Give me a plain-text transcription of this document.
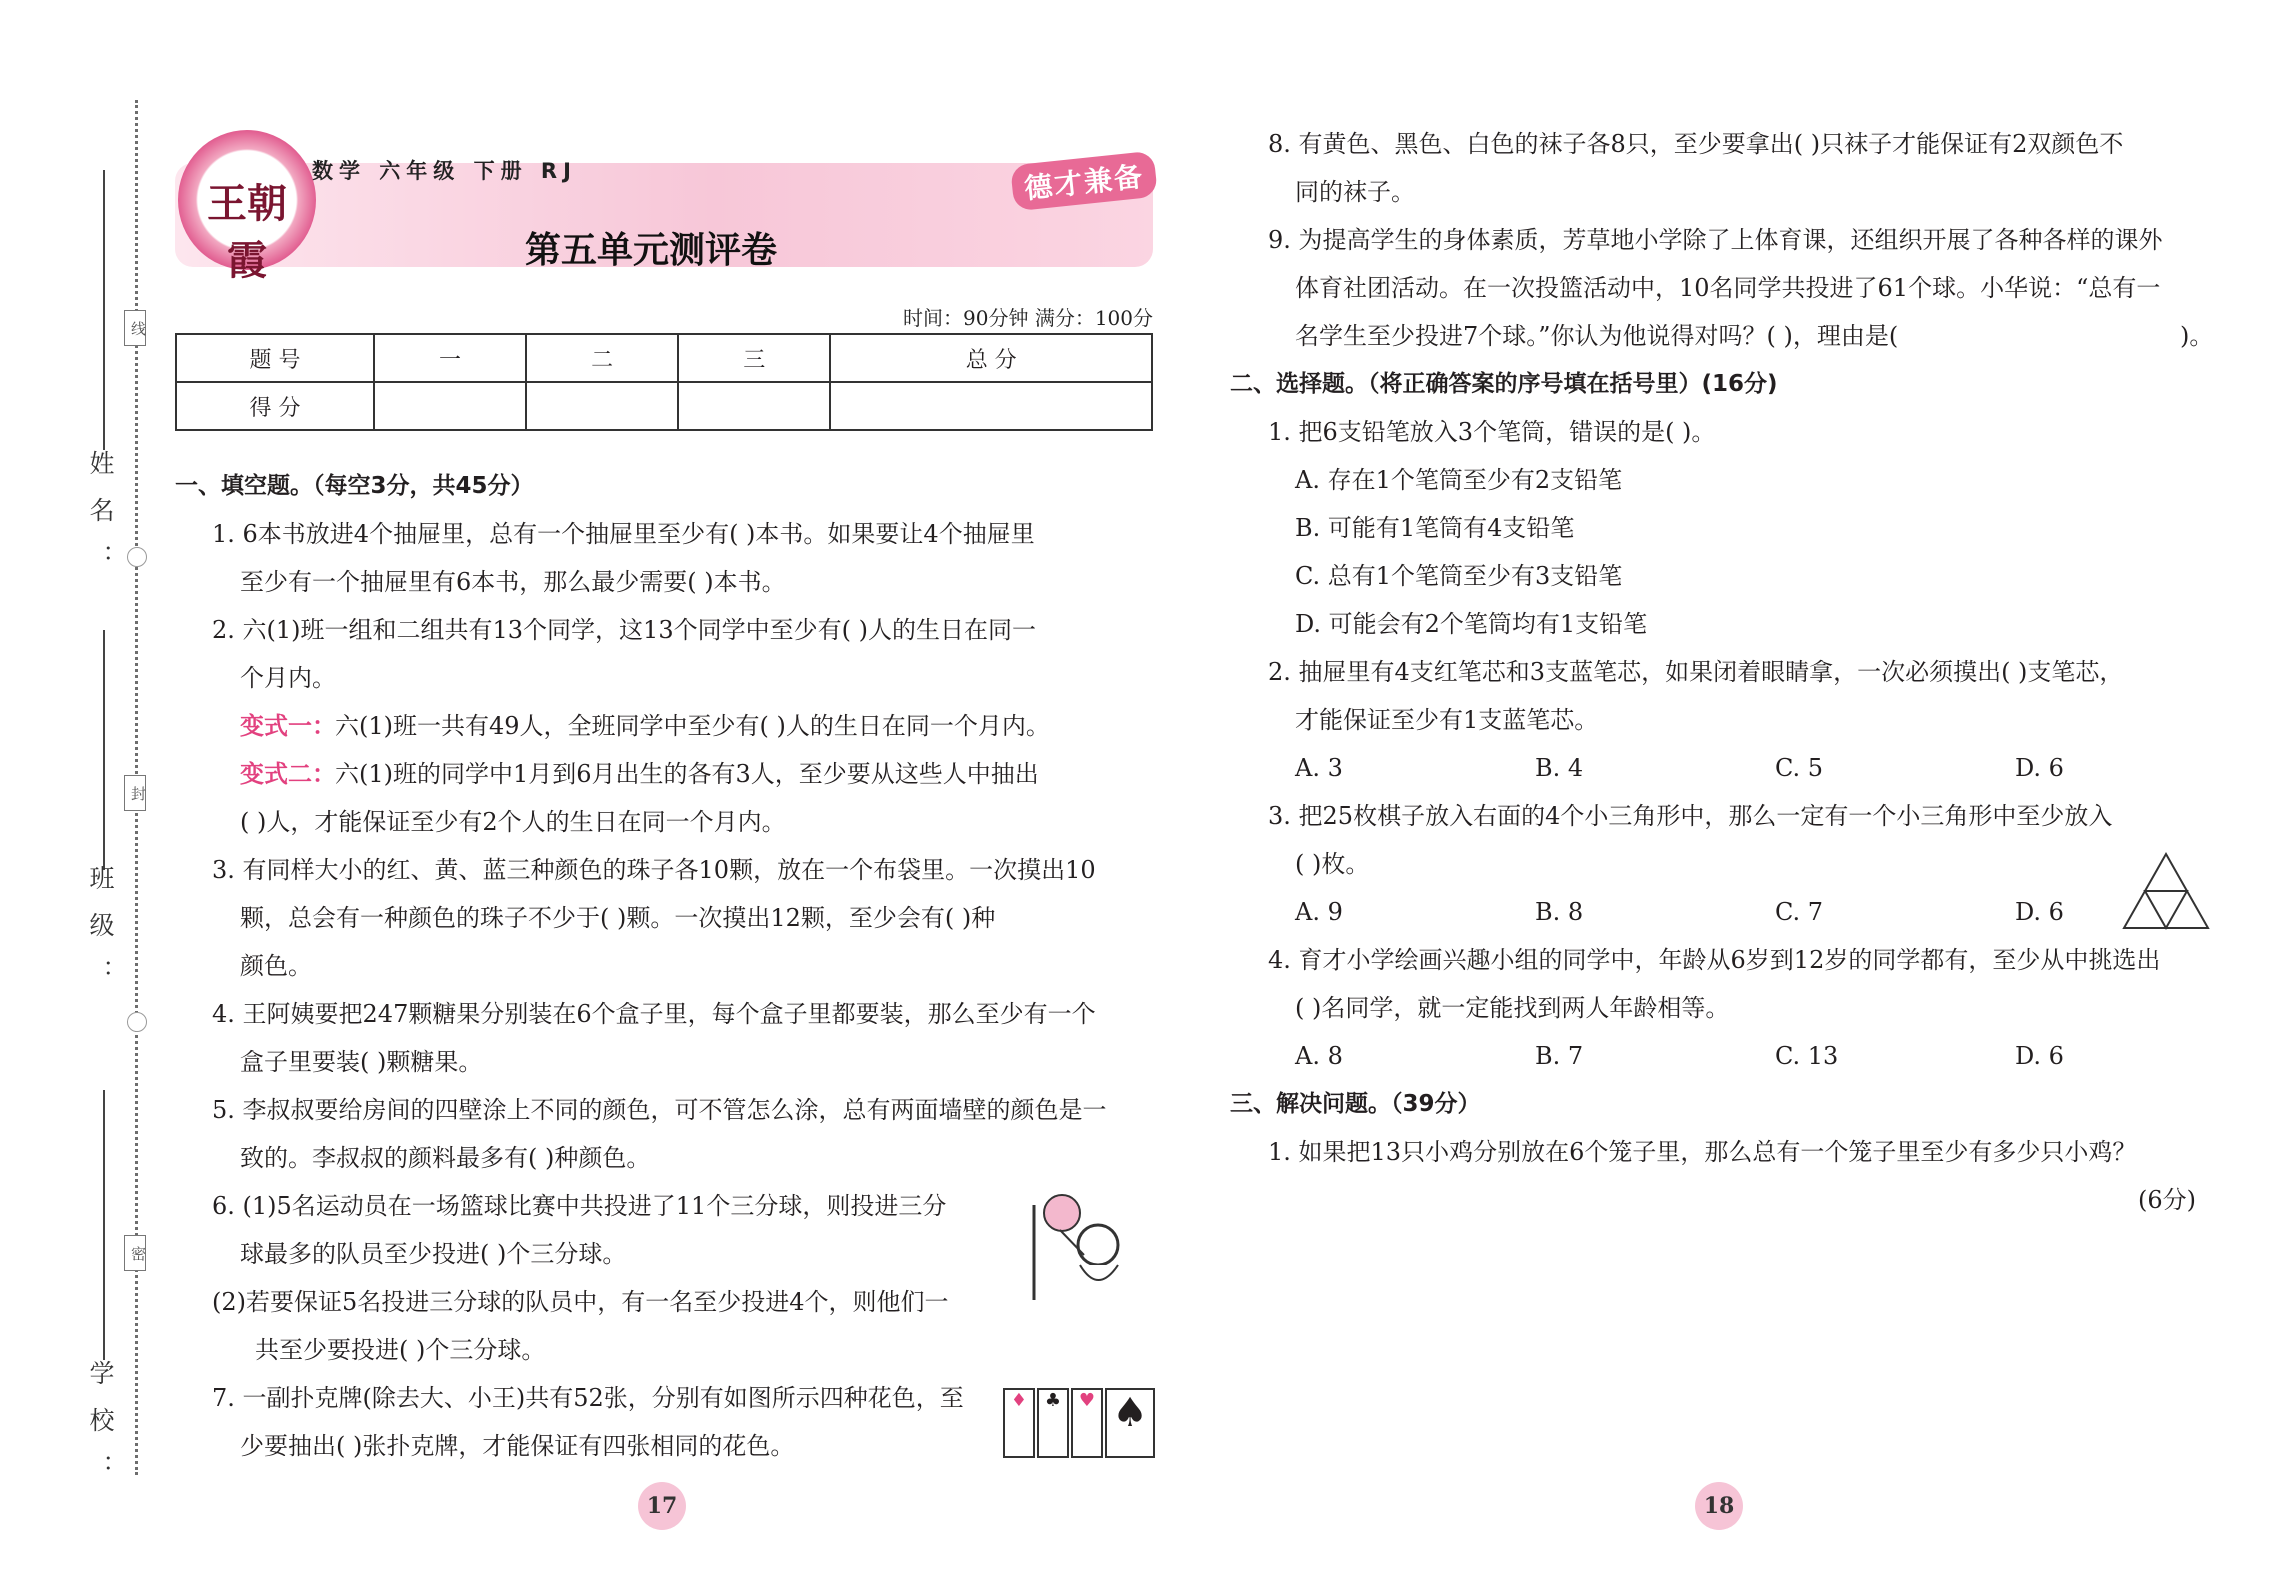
姓名：
班级：
学校：
线
封
密
王朝霞
数学 六年级 下册 RJ
第五单元测评卷
德才兼备
时间：90分钟 满分：100分
题 号	一	二	三	总 分
得 分				
一、填空题。（每空3分，共45分）
1. 6本书放进4个抽屉里，总有一个抽屉里至少有( )本书。如果要让4个抽屉里
至少有一个抽屉里有6本书，那么最少需要( )本书。
2. 六(1)班一组和二组共有13个同学，这13个同学中至少有( )人的生日在同一
个月内。
变式一： 六(1)班一共有49人，全班同学中至少有( )人的生日在同一个月内。
变式二： 六(1)班的同学中1月到6月出生的各有3人，至少要从这些人中抽出
( )人，才能保证至少有2个人的生日在同一个月内。
3. 有同样大小的红、黄、蓝三种颜色的珠子各10颗，放在一个布袋里。一次摸出10
颗，总会有一种颜色的珠子不少于( )颗。一次摸出12颗，至少会有( )种
颜色。
4. 王阿姨要把247颗糖果分别装在6个盒子里，每个盒子里都要装，那么至少有一个
盒子里要装( )颗糖果。
5. 李叔叔要给房间的四壁涂上不同的颜色，可不管怎么涂，总有两面墙壁的颜色是一
致的。李叔叔的颜料最多有( )种颜色。
6. (1)5名运动员在一场篮球比赛中共投进了11个三分球，则投进三分
球最多的队员至少投进( )个三分球。
(2)若要保证5名投进三分球的队员中，有一名至少投进4个，则他们一
共至少要投进( )个三分球。
7. 一副扑克牌(除去大、小王)共有52张，分别有如图所示四种花色，至
少要抽出( )张扑克牌，才能保证有四张相同的花色。
♦ ♣ ♥ ♠
17
8. 有黄色、黑色、白色的袜子各8只，至少要拿出( )只袜子才能保证有2双颜色不
同的袜子。
9. 为提高学生的身体素质，芳草地小学除了上体育课，还组织开展了各种各样的课外
体育社团活动。在一次投篮活动中，10名同学共投进了61个球。小华说：“总有一
名学生至少投进7个球。”你认为他说得对吗？( )，理由是(	)。
二、选择题。（将正确答案的序号填在括号里）(16分)
1. 把6支铅笔放入3个笔筒，错误的是( )。
A. 存在1个笔筒至少有2支铅笔
B. 可能有1笔筒有4支铅笔
C. 总有1个笔筒至少有3支铅笔
D. 可能会有2个笔筒均有1支铅笔
2. 抽屉里有4支红笔芯和3支蓝笔芯，如果闭着眼睛拿，一次必须摸出( )支笔芯，
才能保证至少有1支蓝笔芯。
A. 3	B. 4	C. 5	D. 6
3. 把25枚棋子放入右面的4个小三角形中，那么一定有一个小三角形中至少放入
( )枚。
A. 9	B. 8	C. 7	D. 6
4. 育才小学绘画兴趣小组的同学中，年龄从6岁到12岁的同学都有，至少从中挑选出
( )名同学，就一定能找到两人年龄相等。
A. 8	B. 7	C. 13	D. 6
三、解决问题。（39分）
1. 如果把13只小鸡分别放在6个笼子里，那么总有一个笼子里至少有多少只小鸡？
(6分)
18
